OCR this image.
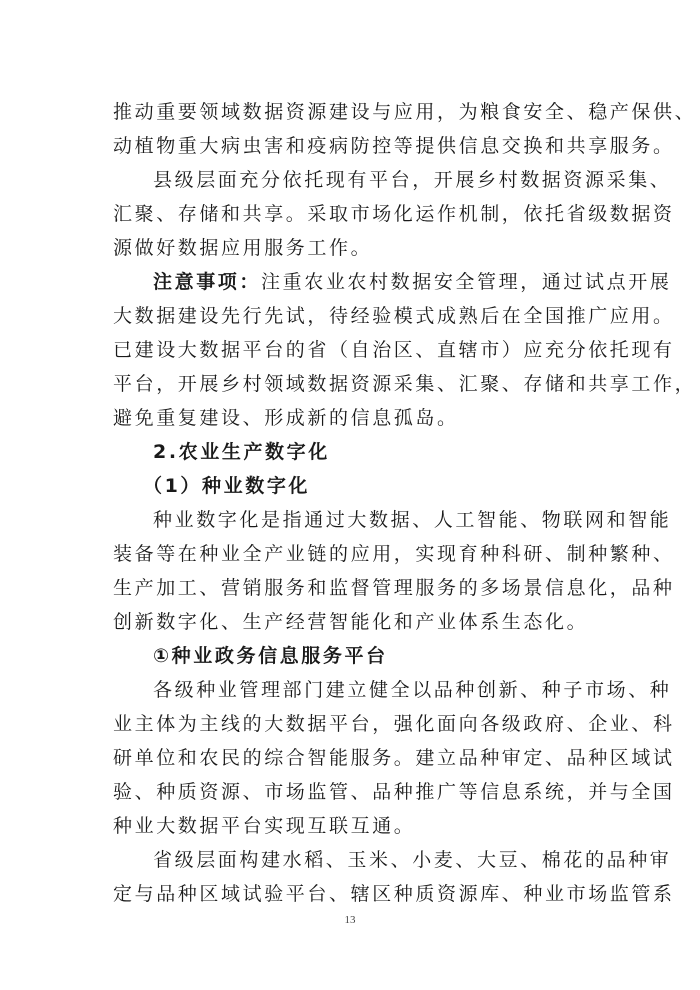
推动重要领域数据资源建设与应用，为粮食安全、稳产保供、
动植物重大病虫害和疫病防控等提供信息交换和共享服务。
县级层面充分依托现有平台，开展乡村数据资源采集、
汇聚、存储和共享。采取市场化运作机制，依托省级数据资
源做好数据应用服务工作。
注意事项：注重农业农村数据安全管理，通过试点开展
大数据建设先行先试，待经验模式成熟后在全国推广应用。
已建设大数据平台的省（自治区、直辖市）应充分依托现有
平台，开展乡村领域数据资源采集、汇聚、存储和共享工作，
避免重复建设、形成新的信息孤岛。
2.农业生产数字化
（1）种业数字化
种业数字化是指通过大数据、人工智能、物联网和智能
装备等在种业全产业链的应用，实现育种科研、制种繁种、
生产加工、营销服务和监督管理服务的多场景信息化，品种
创新数字化、生产经营智能化和产业体系生态化。
①种业政务信息服务平台
各级种业管理部门建立健全以品种创新、种子市场、种
业主体为主线的大数据平台，强化面向各级政府、企业、科
研单位和农民的综合智能服务。建立品种审定、品种区域试
验、种质资源、市场监管、品种推广等信息系统，并与全国
种业大数据平台实现互联互通。
省级层面构建水稻、玉米、小麦、大豆、棉花的品种审
定与品种区域试验平台、辖区种质资源库、种业市场监管系
13
